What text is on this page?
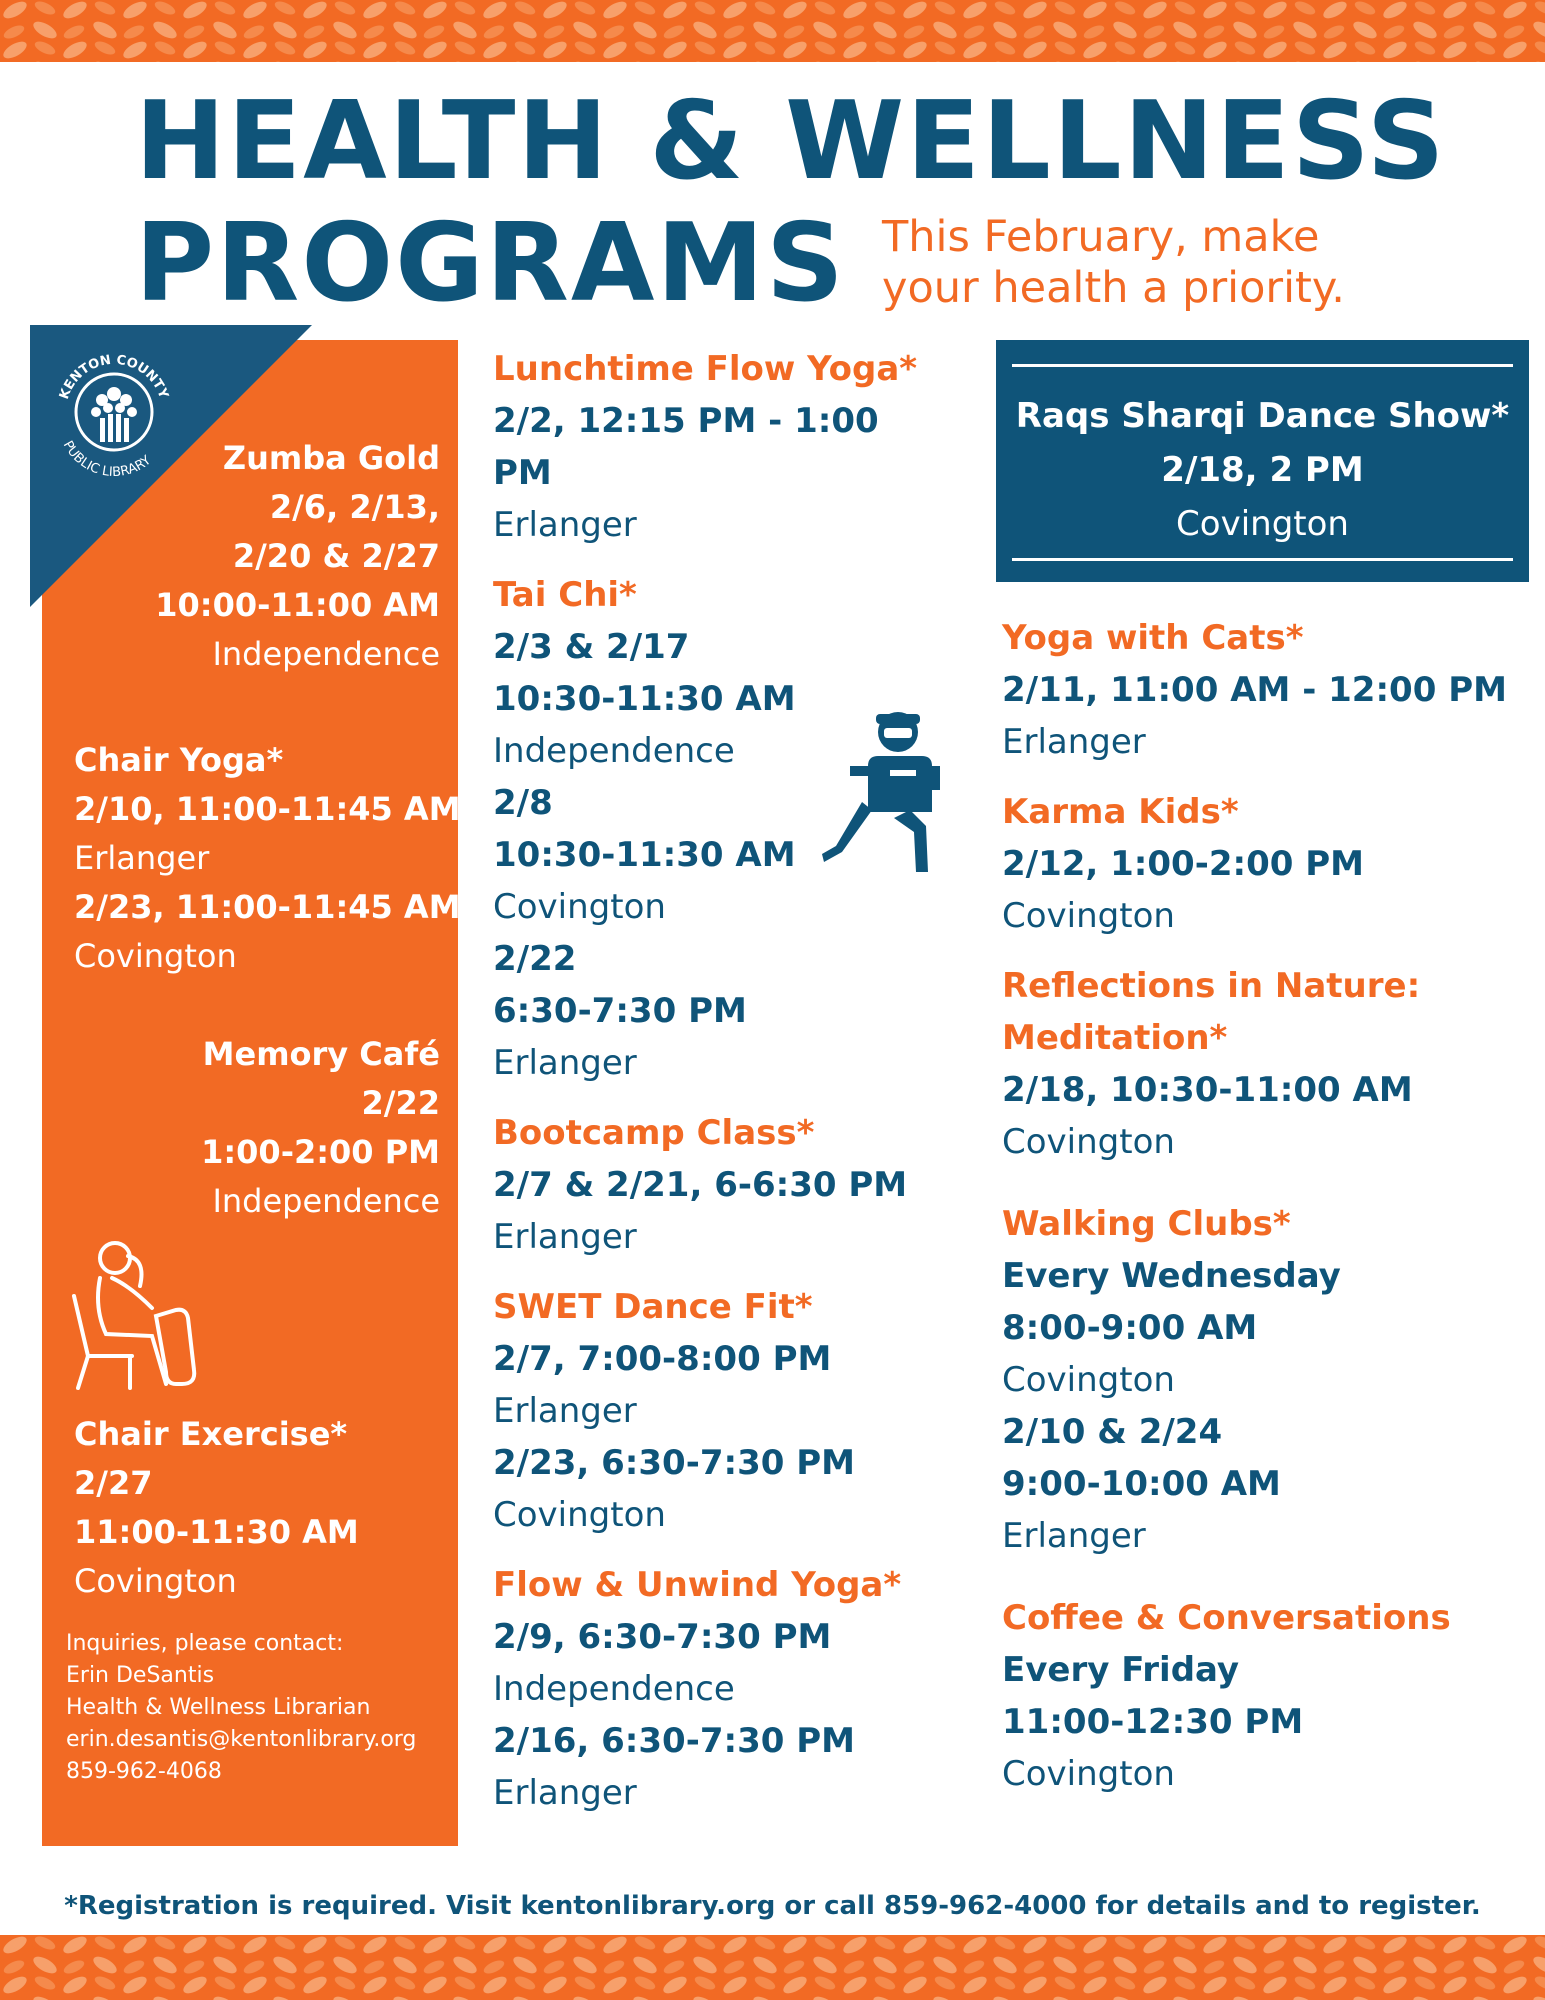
HEALTH & WELLNESS
PROGRAMS This February, make
your health a priority.
KENTON COUNTY
PUBLIC LIBRARY	Zumba Gold
2/6, 2/13,
2/20 & 2/27
10:00-11:00 AM
Independence
Chair Yoga*
2/10, 11:00-11:45 AM
Erlanger
2/23, 11:00-11:45 AM
Covington
Memory Café
2/22
1:00-2:00 PM
Independence
Chair Exercise*
2/27
11:00-11:30 AM
Covington
Inquiries, please contact:
Erin DeSantis
Health & Wellness Librarian
erin.desantis@kentonlibrary.org
859-962-4068
Lunchtime Flow Yoga*
2/2, 12:15 PM - 1:00 PM
Erlanger
Tai Chi*
2/3 & 2/17
10:30-11:30 AM
Independence
2/8
10:30-11:30 AM
Covington
2/22
6:30-7:30 PM
Erlanger
Bootcamp Class*
2/7 & 2/21, 6-6:30 PM
Erlanger
SWET Dance Fit*
2/7, 7:00-8:00 PM
Erlanger
2/23, 6:30-7:30 PM
Covington
Flow & Unwind Yoga*
2/9, 6:30-7:30 PM
Independence
2/16, 6:30-7:30 PM
Erlanger
Raqs Sharqi Dance Show*
2/18, 2 PM
Covington
Yoga with Cats*
2/11, 11:00 AM - 12:00 PM
Erlanger
Karma Kids*
2/12, 1:00-2:00 PM
Covington
Reflections in Nature:
Meditation*
2/18, 10:30-11:00 AM
Covington
Walking Clubs*
Every Wednesday
8:00-9:00 AM
Covington
2/10 & 2/24
9:00-10:00 AM
Erlanger
Coffee & Conversations
Every Friday
11:00-12:30 PM
Covington
*Registration is required. Visit kentonlibrary.org or call 859-962-4000 for details and to register.
